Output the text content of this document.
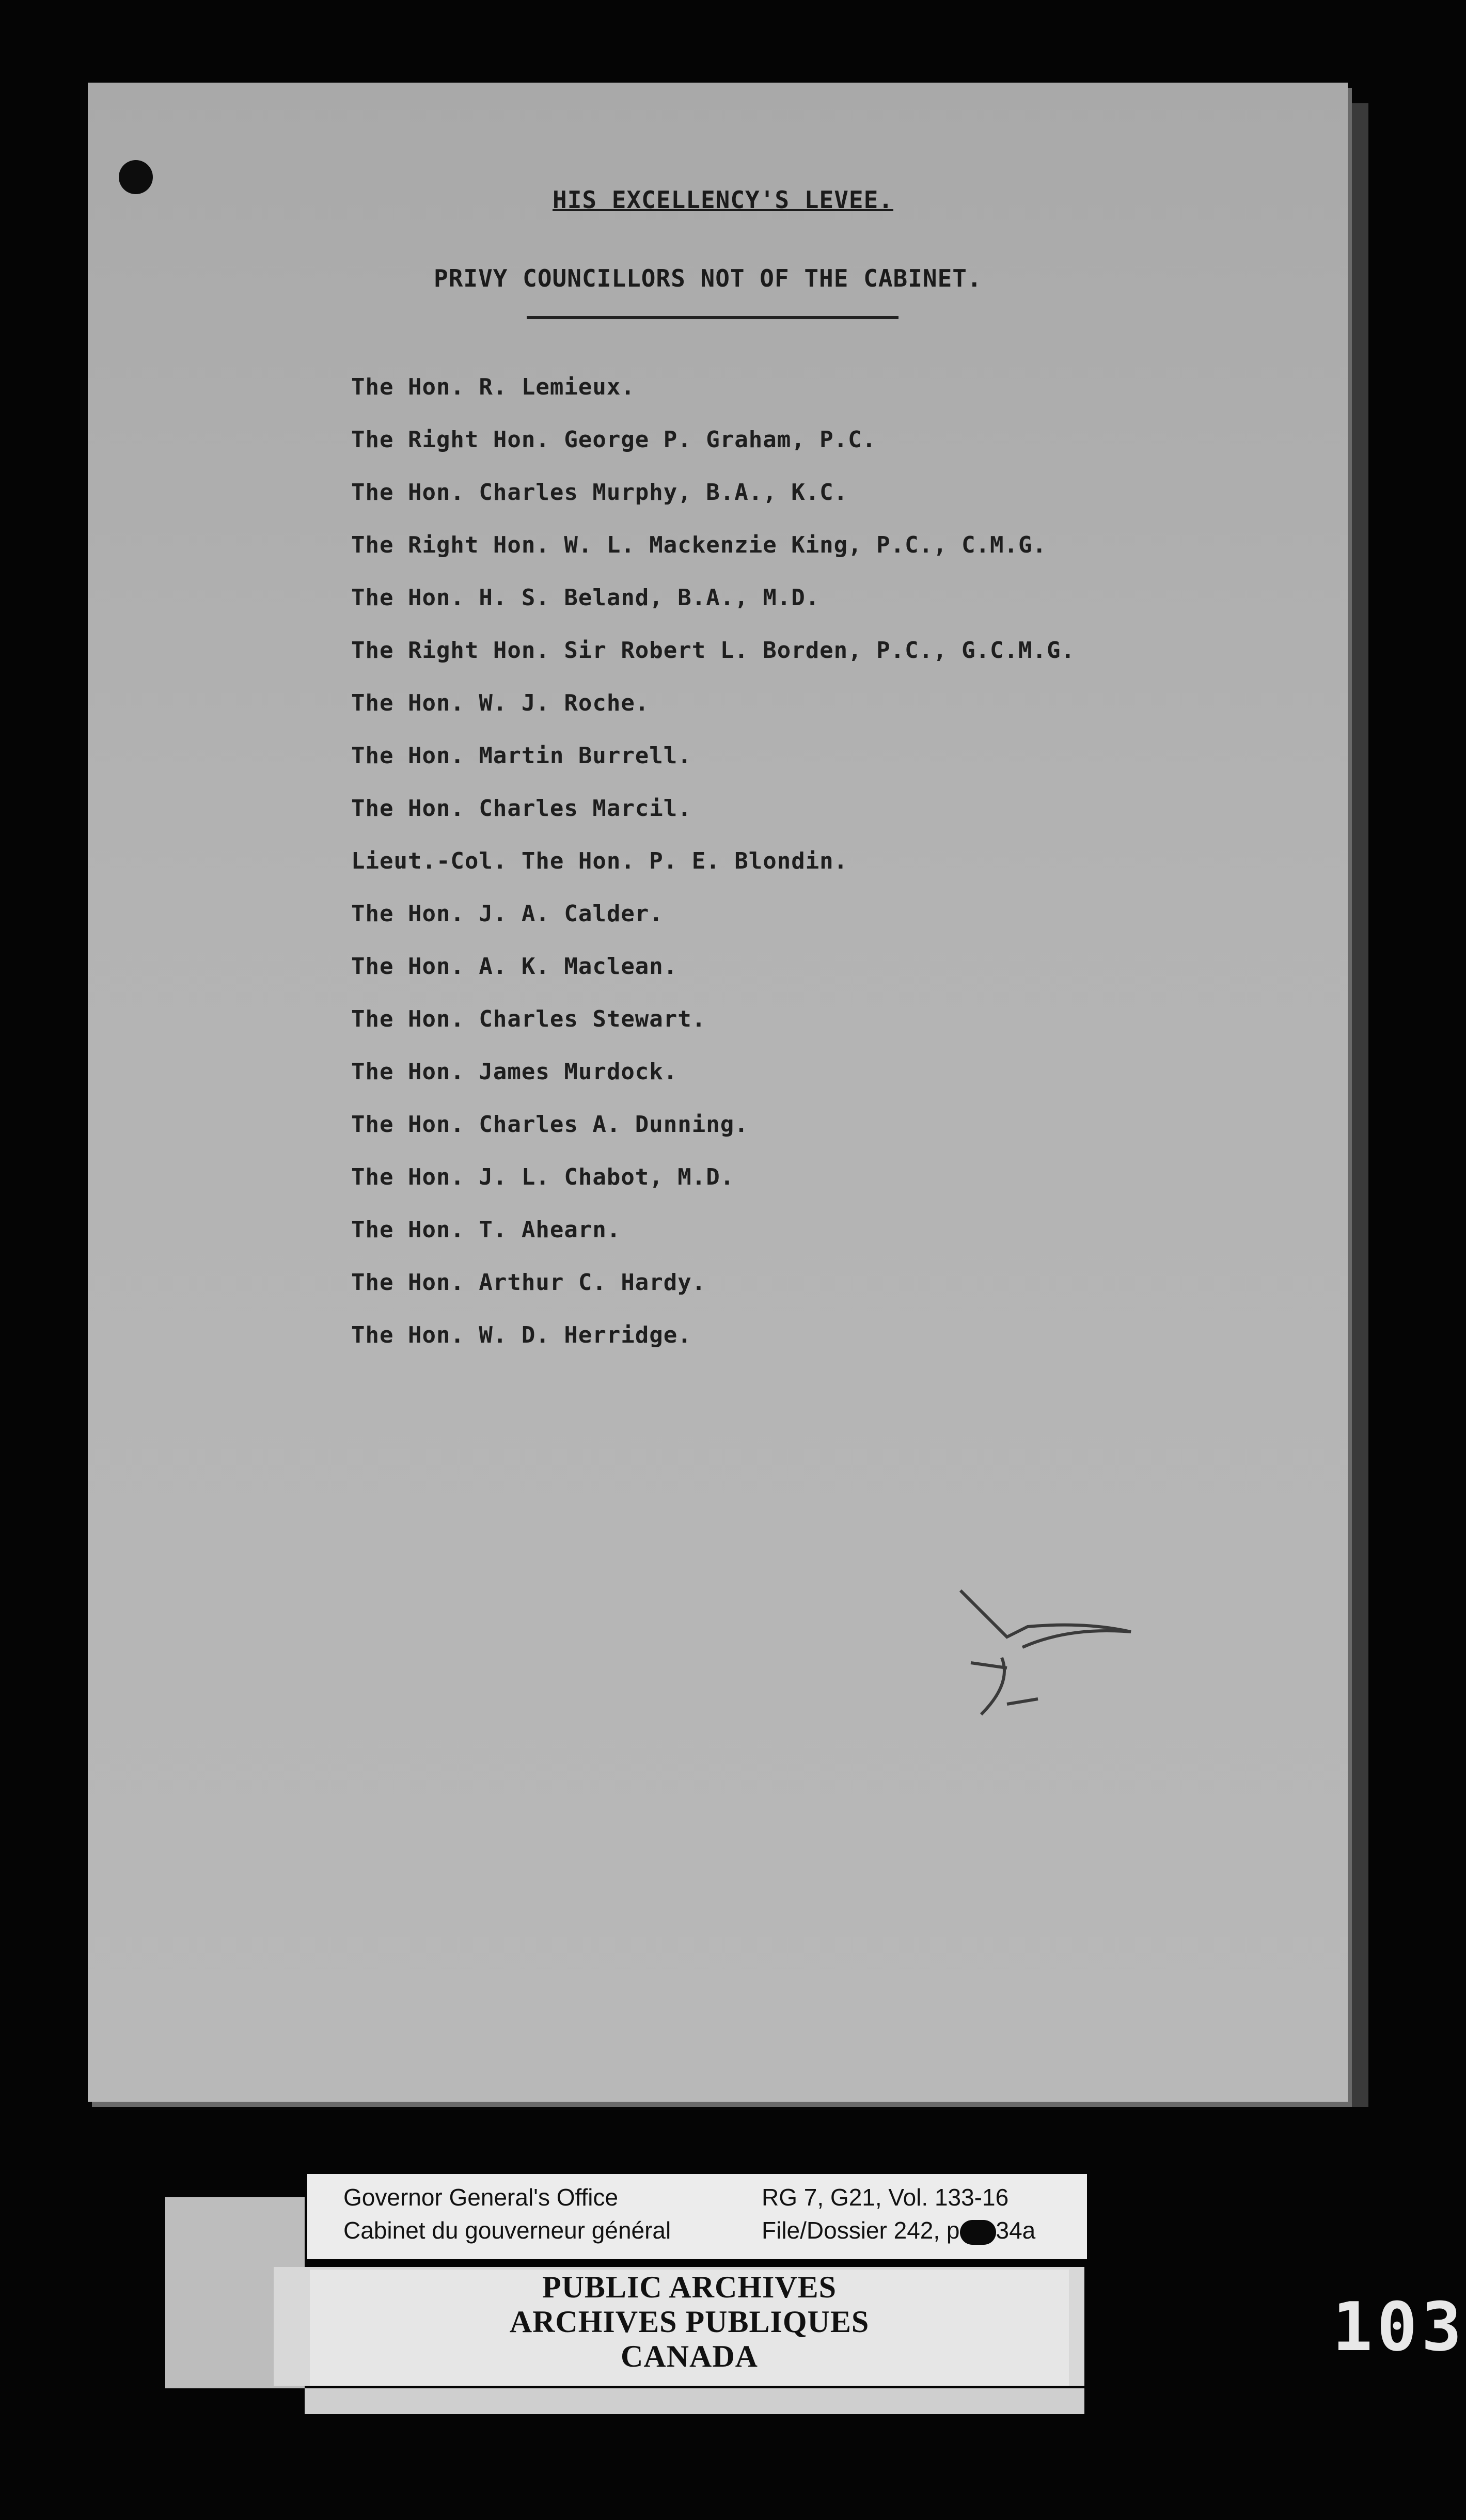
HIS EXCELLENCY'S LEVEE.
PRIVY COUNCILLORS NOT OF THE CABINET.
The Hon. R. Lemieux.
The Right Hon. George P. Graham, P.C.
The Hon. Charles Murphy, B.A., K.C.
The Right Hon. W. L. Mackenzie King, P.C., C.M.G.
The Hon. H. S. Beland, B.A., M.D.
The Right Hon. Sir Robert L. Borden, P.C., G.C.M.G.
The Hon. W. J. Roche.
The Hon. Martin Burrell.
The Hon. Charles Marcil.
Lieut.-Col. The Hon. P. E. Blondin.
The Hon. J. A. Calder.
The Hon. A. K. Maclean.
The Hon. Charles Stewart.
The Hon. James Murdock.
The Hon. Charles A. Dunning.
The Hon. J. L. Chabot, M.D.
The Hon. T. Ahearn.
The Hon. Arthur C. Hardy.
The Hon. W. D. Herridge.
Governor General's Office
Cabinet du gouverneur général
RG 7, G21, Vol. 133-16
File/Dossier 242, p 34a
PUBLIC ARCHIVES
ARCHIVES PUBLIQUES
CANADA	103
